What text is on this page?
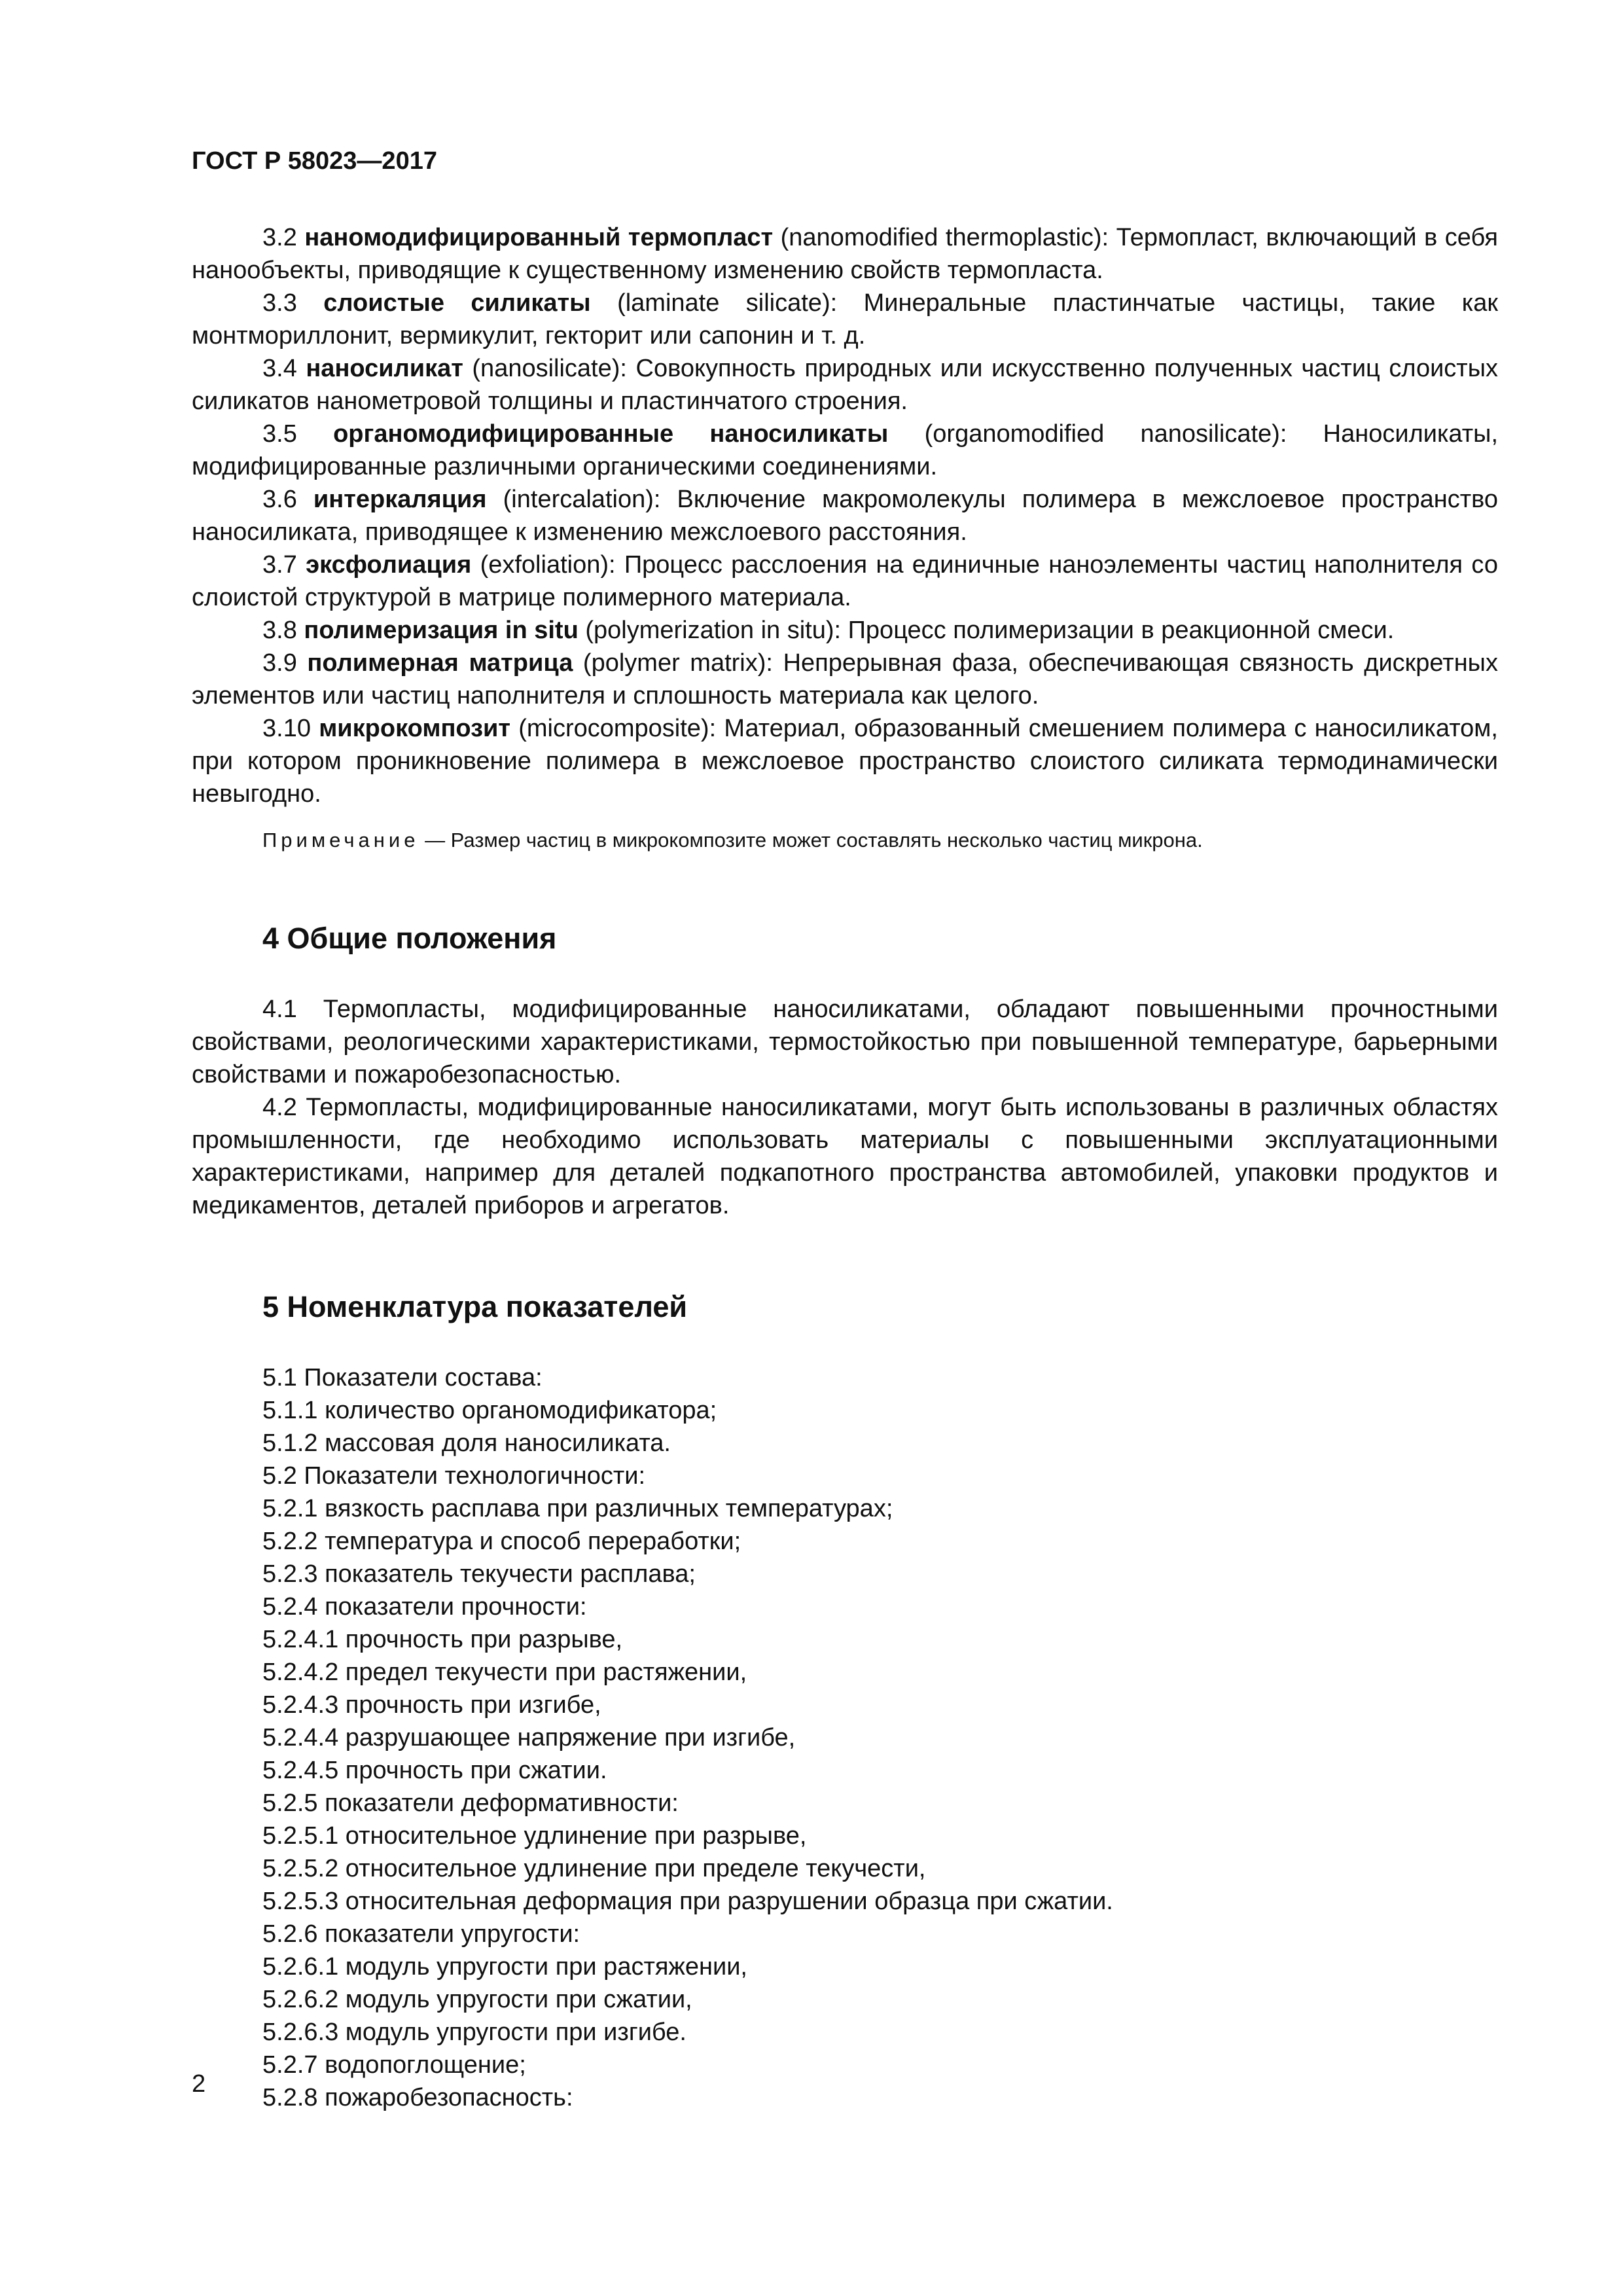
ГОСТ Р 58023—2017

3.2 наномодифицированный термопласт (nanomodified thermoplastic): Термопласт, включающий в себя нанообъекты, приводящие к существенному изменению свойств термопласта.

3.3 слоистые силикаты (laminate silicate): Минеральные пластинчатые частицы, такие как монтмориллонит, вермикулит, гекторит или сапонин и т. д.

3.4 наносиликат (nanosilicate): Совокупность природных или искусственно полученных частиц слоистых силикатов нанометровой толщины и пластинчатого строения.

3.5 органомодифицированные наносиликаты (organomodified nanosilicate): Наносиликаты, модифицированные различными органическими соединениями.

3.6 интеркаляция (intercalation): Включение макромолекулы полимера в межслоевое пространство наносиликата, приводящее к изменению межслоевого расстояния.

3.7 эксфолиация (exfoliation): Процесс расслоения на единичные наноэлементы частиц наполнителя со слоистой структурой в матрице полимерного материала.

3.8 полимеризация in situ (polymerization in situ): Процесс полимеризации в реакционной смеси.

3.9 полимерная матрица (polymer matrix): Непрерывная фаза, обеспечивающая связность дискретных элементов или частиц наполнителя и сплошность материала как целого.

3.10 микрокомпозит (microcomposite): Материал, образованный смешением полимера с наносиликатом, при котором проникновение полимера в межслоевое пространство слоистого силиката термодинамически невыгодно.

Примечание — Размер частиц в микрокомпозите может составлять несколько частиц микрона.

4 Общие положения

4.1 Термопласты, модифицированные наносиликатами, обладают повышенными прочностными свойствами, реологическими характеристиками, термостойкостью при повышенной температуре, барьерными свойствами и пожаробезопасностью.

4.2 Термопласты, модифицированные наносиликатами, могут быть использованы в различных областях промышленности, где необходимо использовать материалы с повышенными эксплуатационными характеристиками, например для деталей подкапотного пространства автомобилей, упаковки продуктов и медикаментов, деталей приборов и агрегатов.

5 Номенклатура показателей
5.1 Показатели состава:
5.1.1 количество органомодификатора;
5.1.2 массовая доля наносиликата.
5.2 Показатели технологичности:
5.2.1 вязкость расплава при различных температурах;
5.2.2 температура и способ переработки;
5.2.3 показатель текучести расплава;
5.2.4 показатели прочности:
5.2.4.1 прочность при разрыве,
5.2.4.2 предел текучести при растяжении,
5.2.4.3 прочность при изгибе,
5.2.4.4 разрушающее напряжение при изгибе,
5.2.4.5 прочность при сжатии.
5.2.5 показатели деформативности:
5.2.5.1 относительное удлинение при разрыве,
5.2.5.2 относительное удлинение при пределе текучести,
5.2.5.3 относительная деформация при разрушении образца при сжатии.
5.2.6 показатели упругости:
5.2.6.1 модуль упругости при растяжении,
5.2.6.2 модуль упругости при сжатии,
5.2.6.3 модуль упругости при изгибе.
5.2.7 водопоглощение;
5.2.8 пожаробезопасность:
2
